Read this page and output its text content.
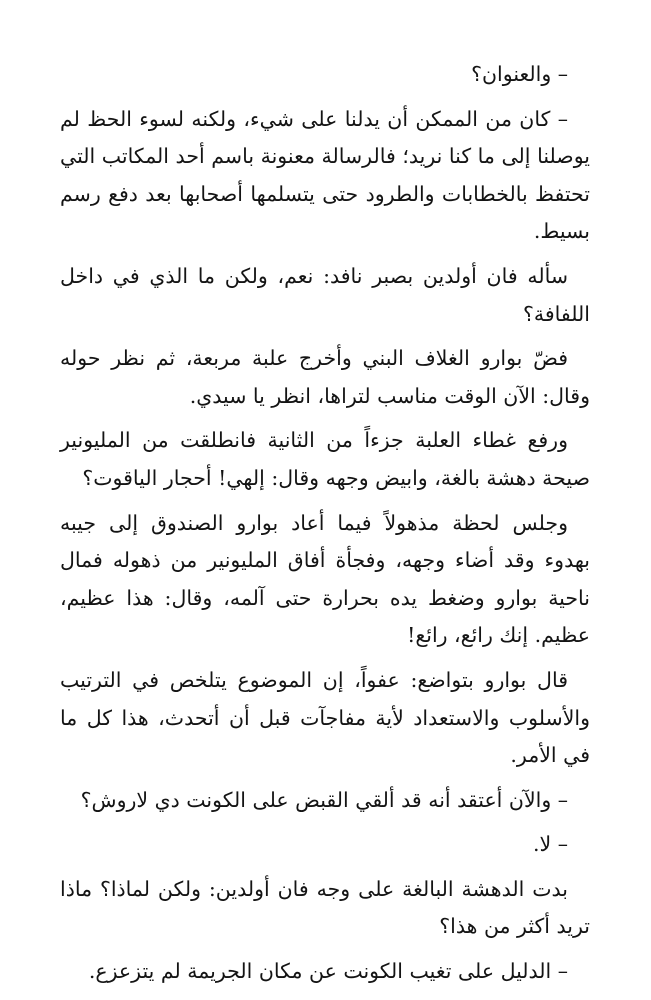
– والعنوان؟

– كان من الممكن أن يدلنا على شيء، ولكنه لسوء الحظ لم يوصلنا إلى ما كنا نريد؛ فالرسالة معنونة باسم أحد المكاتب التي تحتفظ بالخطابات والطرود حتى يتسلمها أصحابها بعد دفع رسم بسيط.

سأله فان أولدين بصبر نافد: نعم، ولكن ما الذي في داخل اللفافة؟

فضّ بوارو الغلاف البني وأخرج علبة مربعة، ثم نظر حوله وقال: الآن الوقت مناسب لتراها، انظر يا سيدي.

ورفع غطاء العلبة جزءاً من الثانية فانطلقت من المليونير صيحة دهشة بالغة، وابيض وجهه وقال: إلهي! أحجار الياقوت؟

وجلس لحظة مذهولاً فيما أعاد بوارو الصندوق إلى جيبه بهدوء وقد أضاء وجهه، وفجأة أفاق المليونير من ذهوله فمال ناحية بوارو وضغط يده بحرارة حتى آلمه، وقال: هذا عظيم، عظيم. إنك رائع، رائع!

قال بوارو بتواضع: عفواً، إن الموضوع يتلخص في الترتيب والأسلوب والاستعداد لأية مفاجآت قبل أن أتحدث، هذا كل ما في الأمر.

– والآن أعتقد أنه قد ألقي القبض على الكونت دي لاروش؟

– لا.

بدت الدهشة البالغة على وجه فان أولدين: ولكن لماذا؟ ماذا تريد أكثر من هذا؟

– الدليل على تغيب الكونت عن مكان الجريمة لم يتزعزع.
